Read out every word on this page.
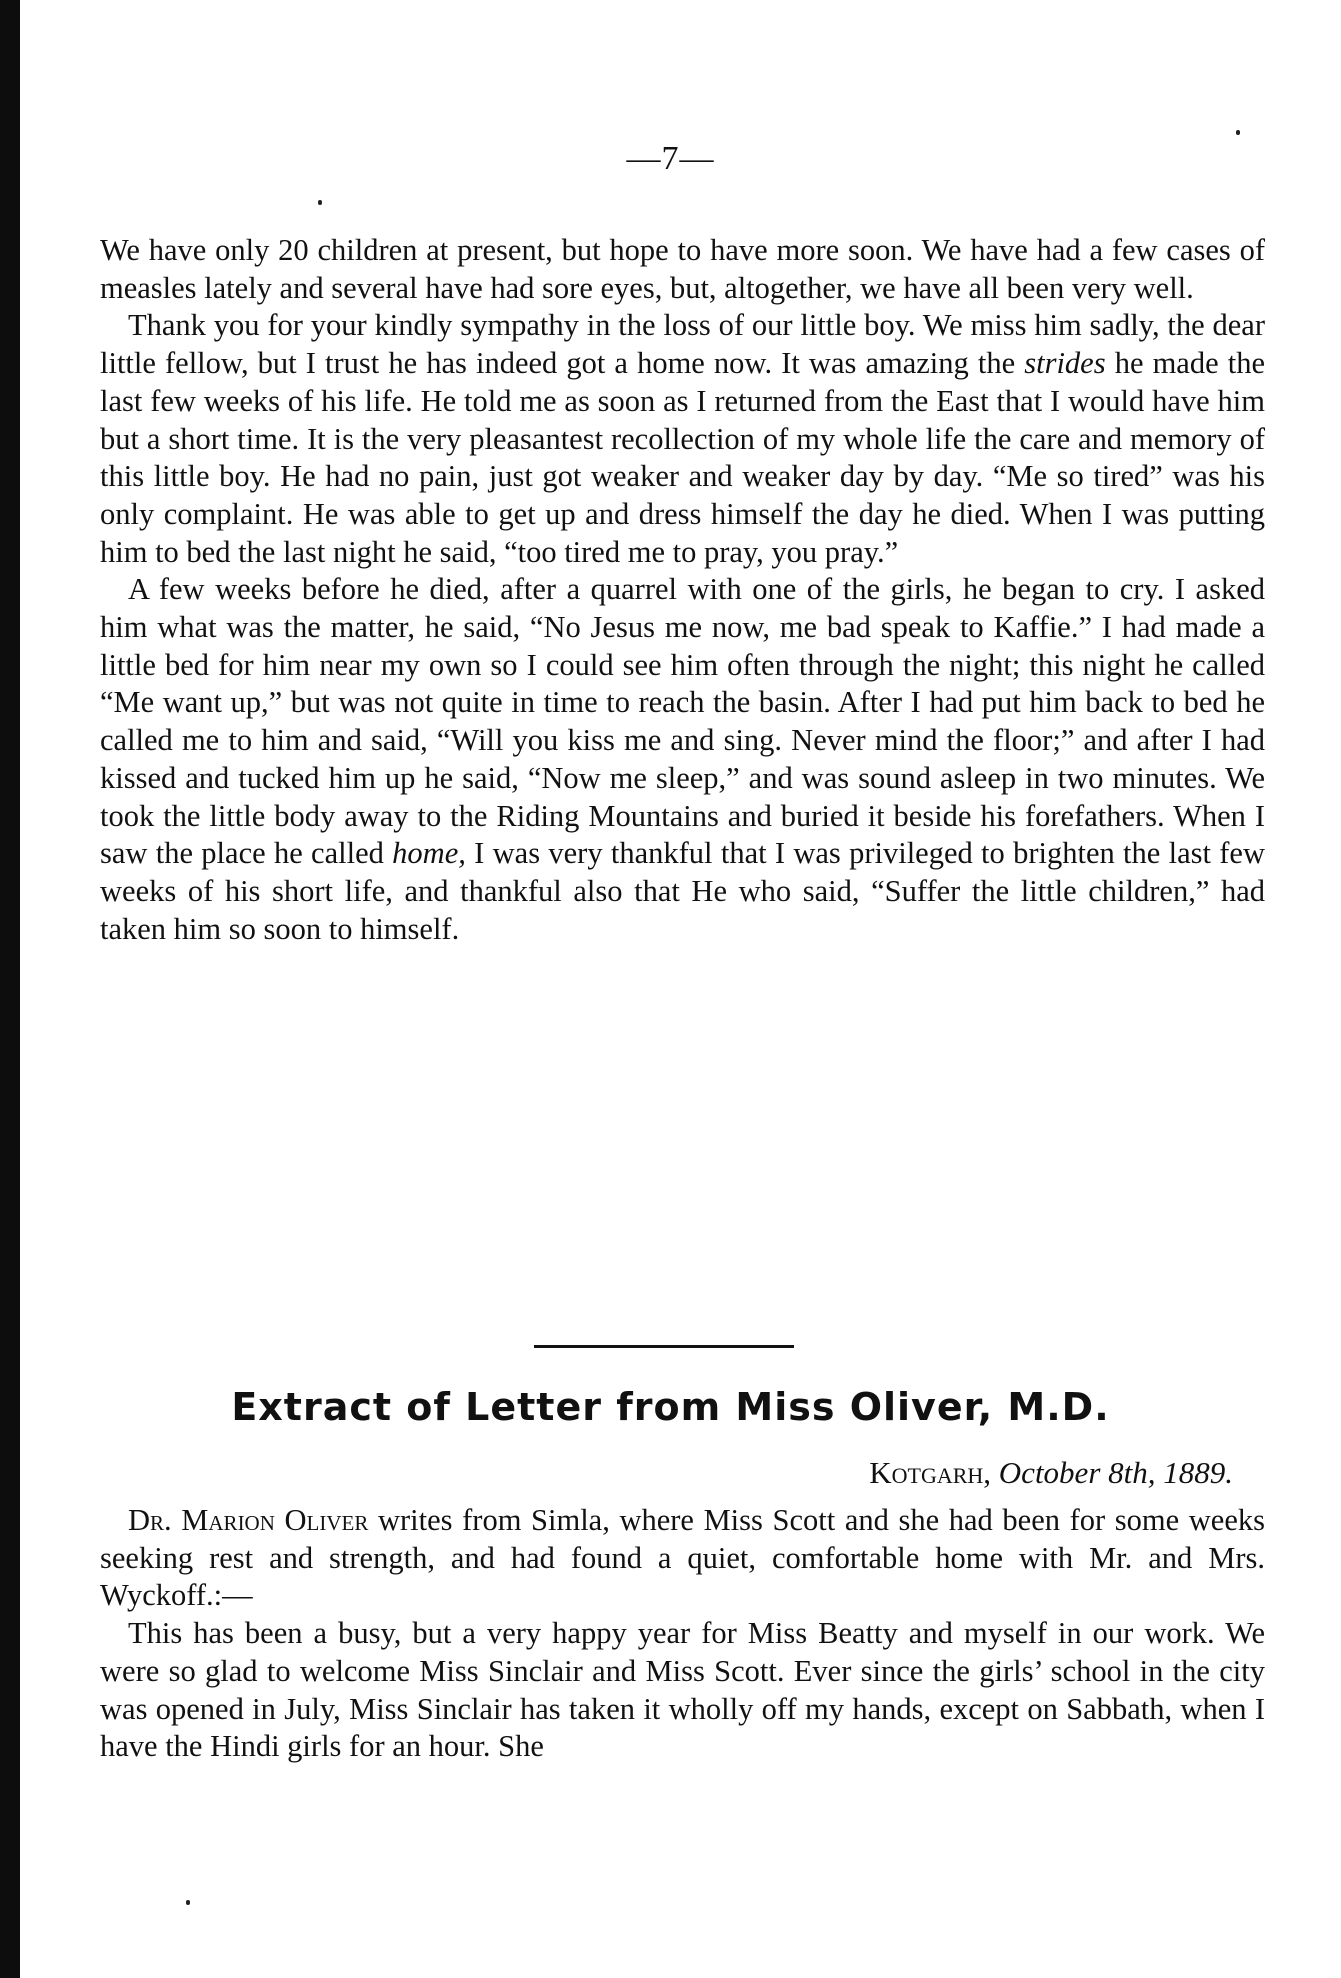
—7—

We have only 20 children at present, but hope to have more soon. We have had a few cases of measles lately and several have had sore eyes, but, altogether, we have all been very well.

Thank you for your kindly sympathy in the loss of our little boy. We miss him sadly, the dear little fellow, but I trust he has indeed got a home now. It was amazing the strides he made the last few weeks of his life. He told me as soon as I returned from the East that I would have him but a short time. It is the very pleasantest recollection of my whole life the care and memory of this little boy. He had no pain, just got weaker and weaker day by day. “Me so tired” was his only complaint. He was able to get up and dress himself the day he died. When I was putting him to bed the last night he said, “too tired me to pray, you pray.”

A few weeks before he died, after a quarrel with one of the girls, he began to cry. I asked him what was the matter, he said, “No Jesus me now, me bad speak to Kaffie.” I had made a little bed for him near my own so I could see him often through the night; this night he called “Me want up,” but was not quite in time to reach the basin. After I had put him back to bed he called me to him and said, “Will you kiss me and sing. Never mind the floor;” and after I had kissed and tucked him up he said, “Now me sleep,” and was sound asleep in two minutes. We took the little body away to the Riding Mountains and buried it beside his forefathers. When I saw the place he called home, I was very thankful that I was privileged to brighten the last few weeks of his short life, and thankful also that He who said, “Suffer the little children,” had taken him so soon to himself.

Extract of Letter from Miss Oliver, M.D.
Kotgarh, October 8th, 1889.

Dr. Marion Oliver writes from Simla, where Miss Scott and she had been for some weeks seeking rest and strength, and had found a quiet, comfortable home with Mr. and Mrs. Wyckoff.:—

This has been a busy, but a very happy year for Miss Beatty and myself in our work. We were so glad to welcome Miss Sinclair and Miss Scott. Ever since the girls’ school in the city was opened in July, Miss Sinclair has taken it wholly off my hands, except on Sabbath, when I have the Hindi girls for an hour. She
